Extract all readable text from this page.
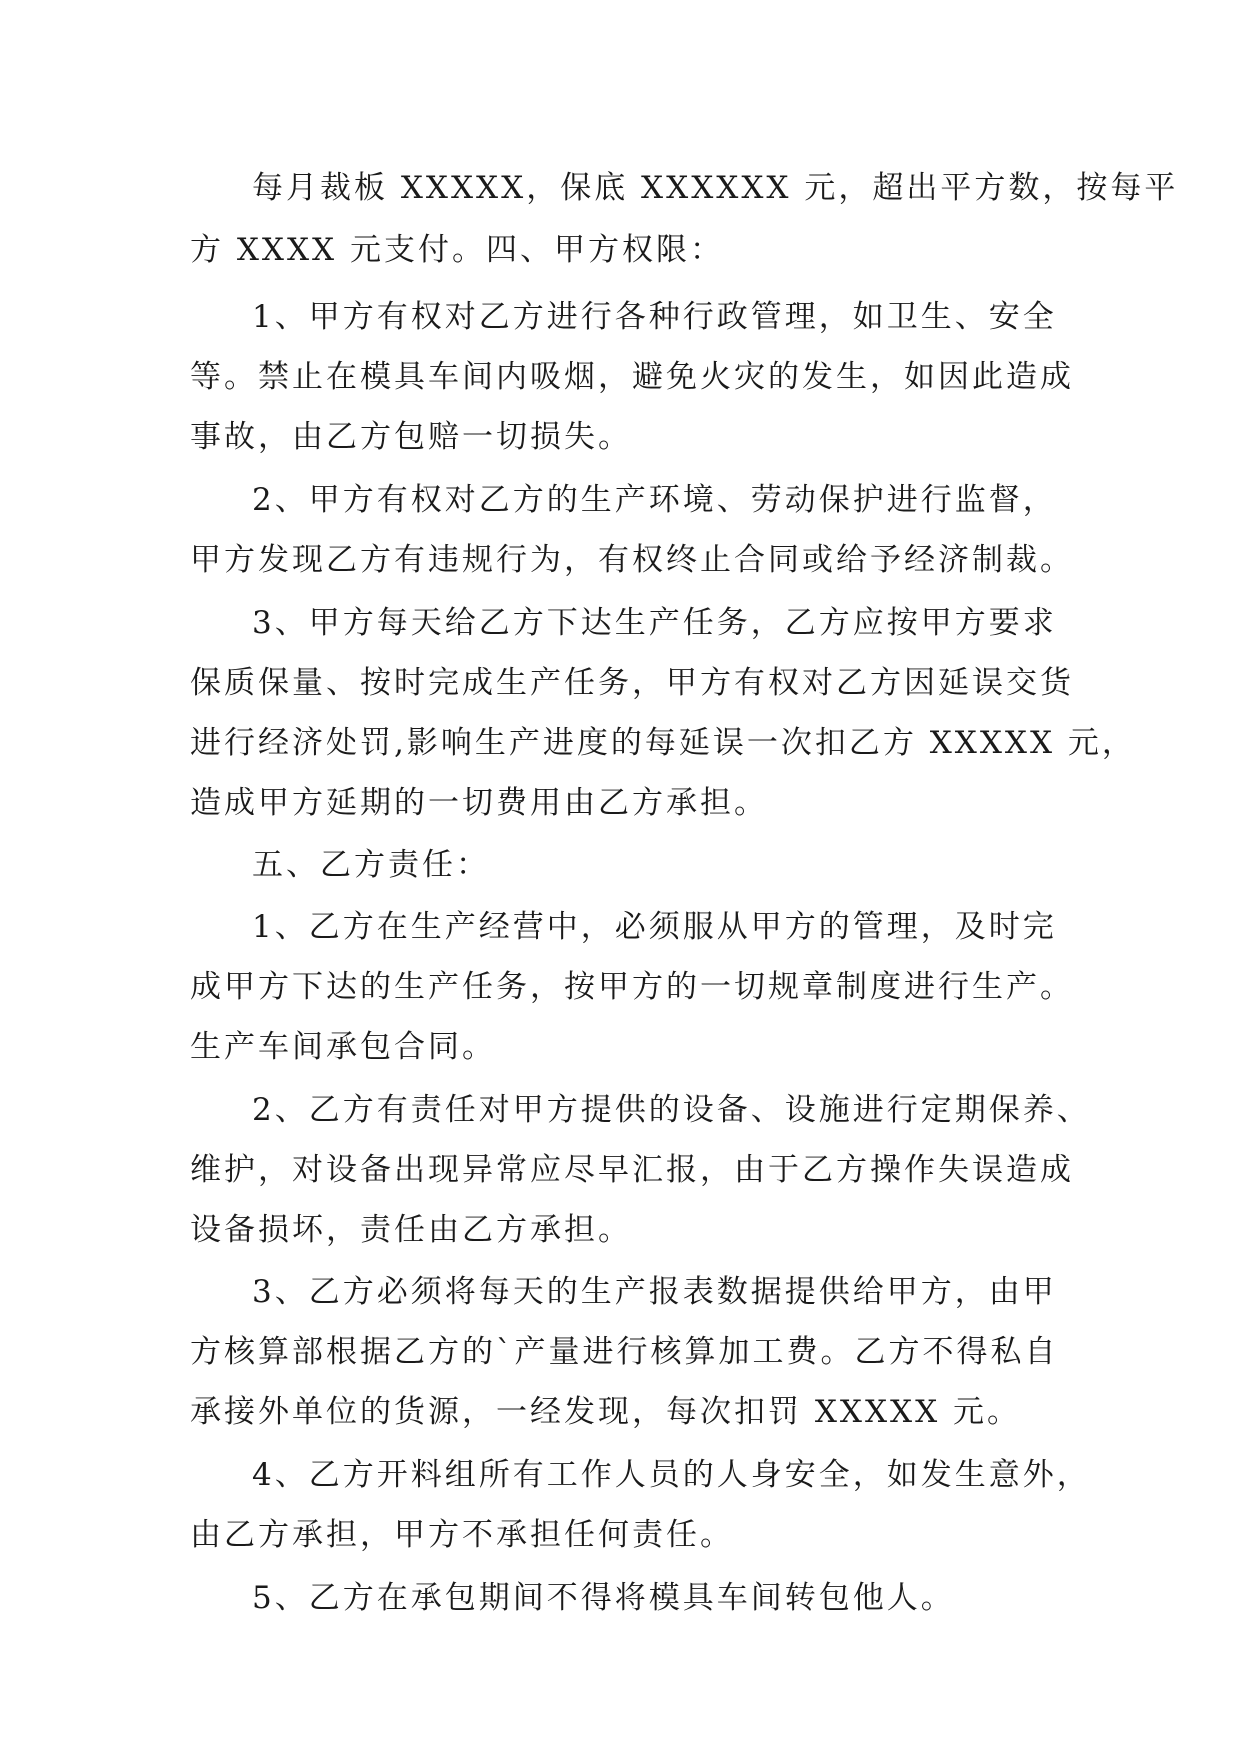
每月裁板 XXXXX，保底 XXXXXX 元，超出平方数，按每平
方 XXXX 元支付。四、甲方权限：
1、甲方有权对乙方进行各种行政管理，如卫生、安全
等。禁止在模具车间内吸烟，避免火灾的发生，如因此造成
事故，由乙方包赔一切损失。
2、甲方有权对乙方的生产环境、劳动保护进行监督，
甲方发现乙方有违规行为，有权终止合同或给予经济制裁。
3、甲方每天给乙方下达生产任务，乙方应按甲方要求
保质保量、按时完成生产任务，甲方有权对乙方因延误交货
进行经济处罚,影响生产进度的每延误一次扣乙方 XXXXX 元，
造成甲方延期的一切费用由乙方承担。
五、乙方责任：
1、乙方在生产经营中，必须服从甲方的管理，及时完
成甲方下达的生产任务，按甲方的一切规章制度进行生产。
生产车间承包合同。
2、乙方有责任对甲方提供的设备、设施进行定期保养、
维护，对设备出现异常应尽早汇报，由于乙方操作失误造成
设备损坏，责任由乙方承担。
3、乙方必须将每天的生产报表数据提供给甲方，由甲
方核算部根据乙方的`产量进行核算加工费。乙方不得私自
承接外单位的货源，一经发现，每次扣罚 XXXXX 元。
4、乙方开料组所有工作人员的人身安全，如发生意外，
由乙方承担，甲方不承担任何责任。
5、乙方在承包期间不得将模具车间转包他人。
